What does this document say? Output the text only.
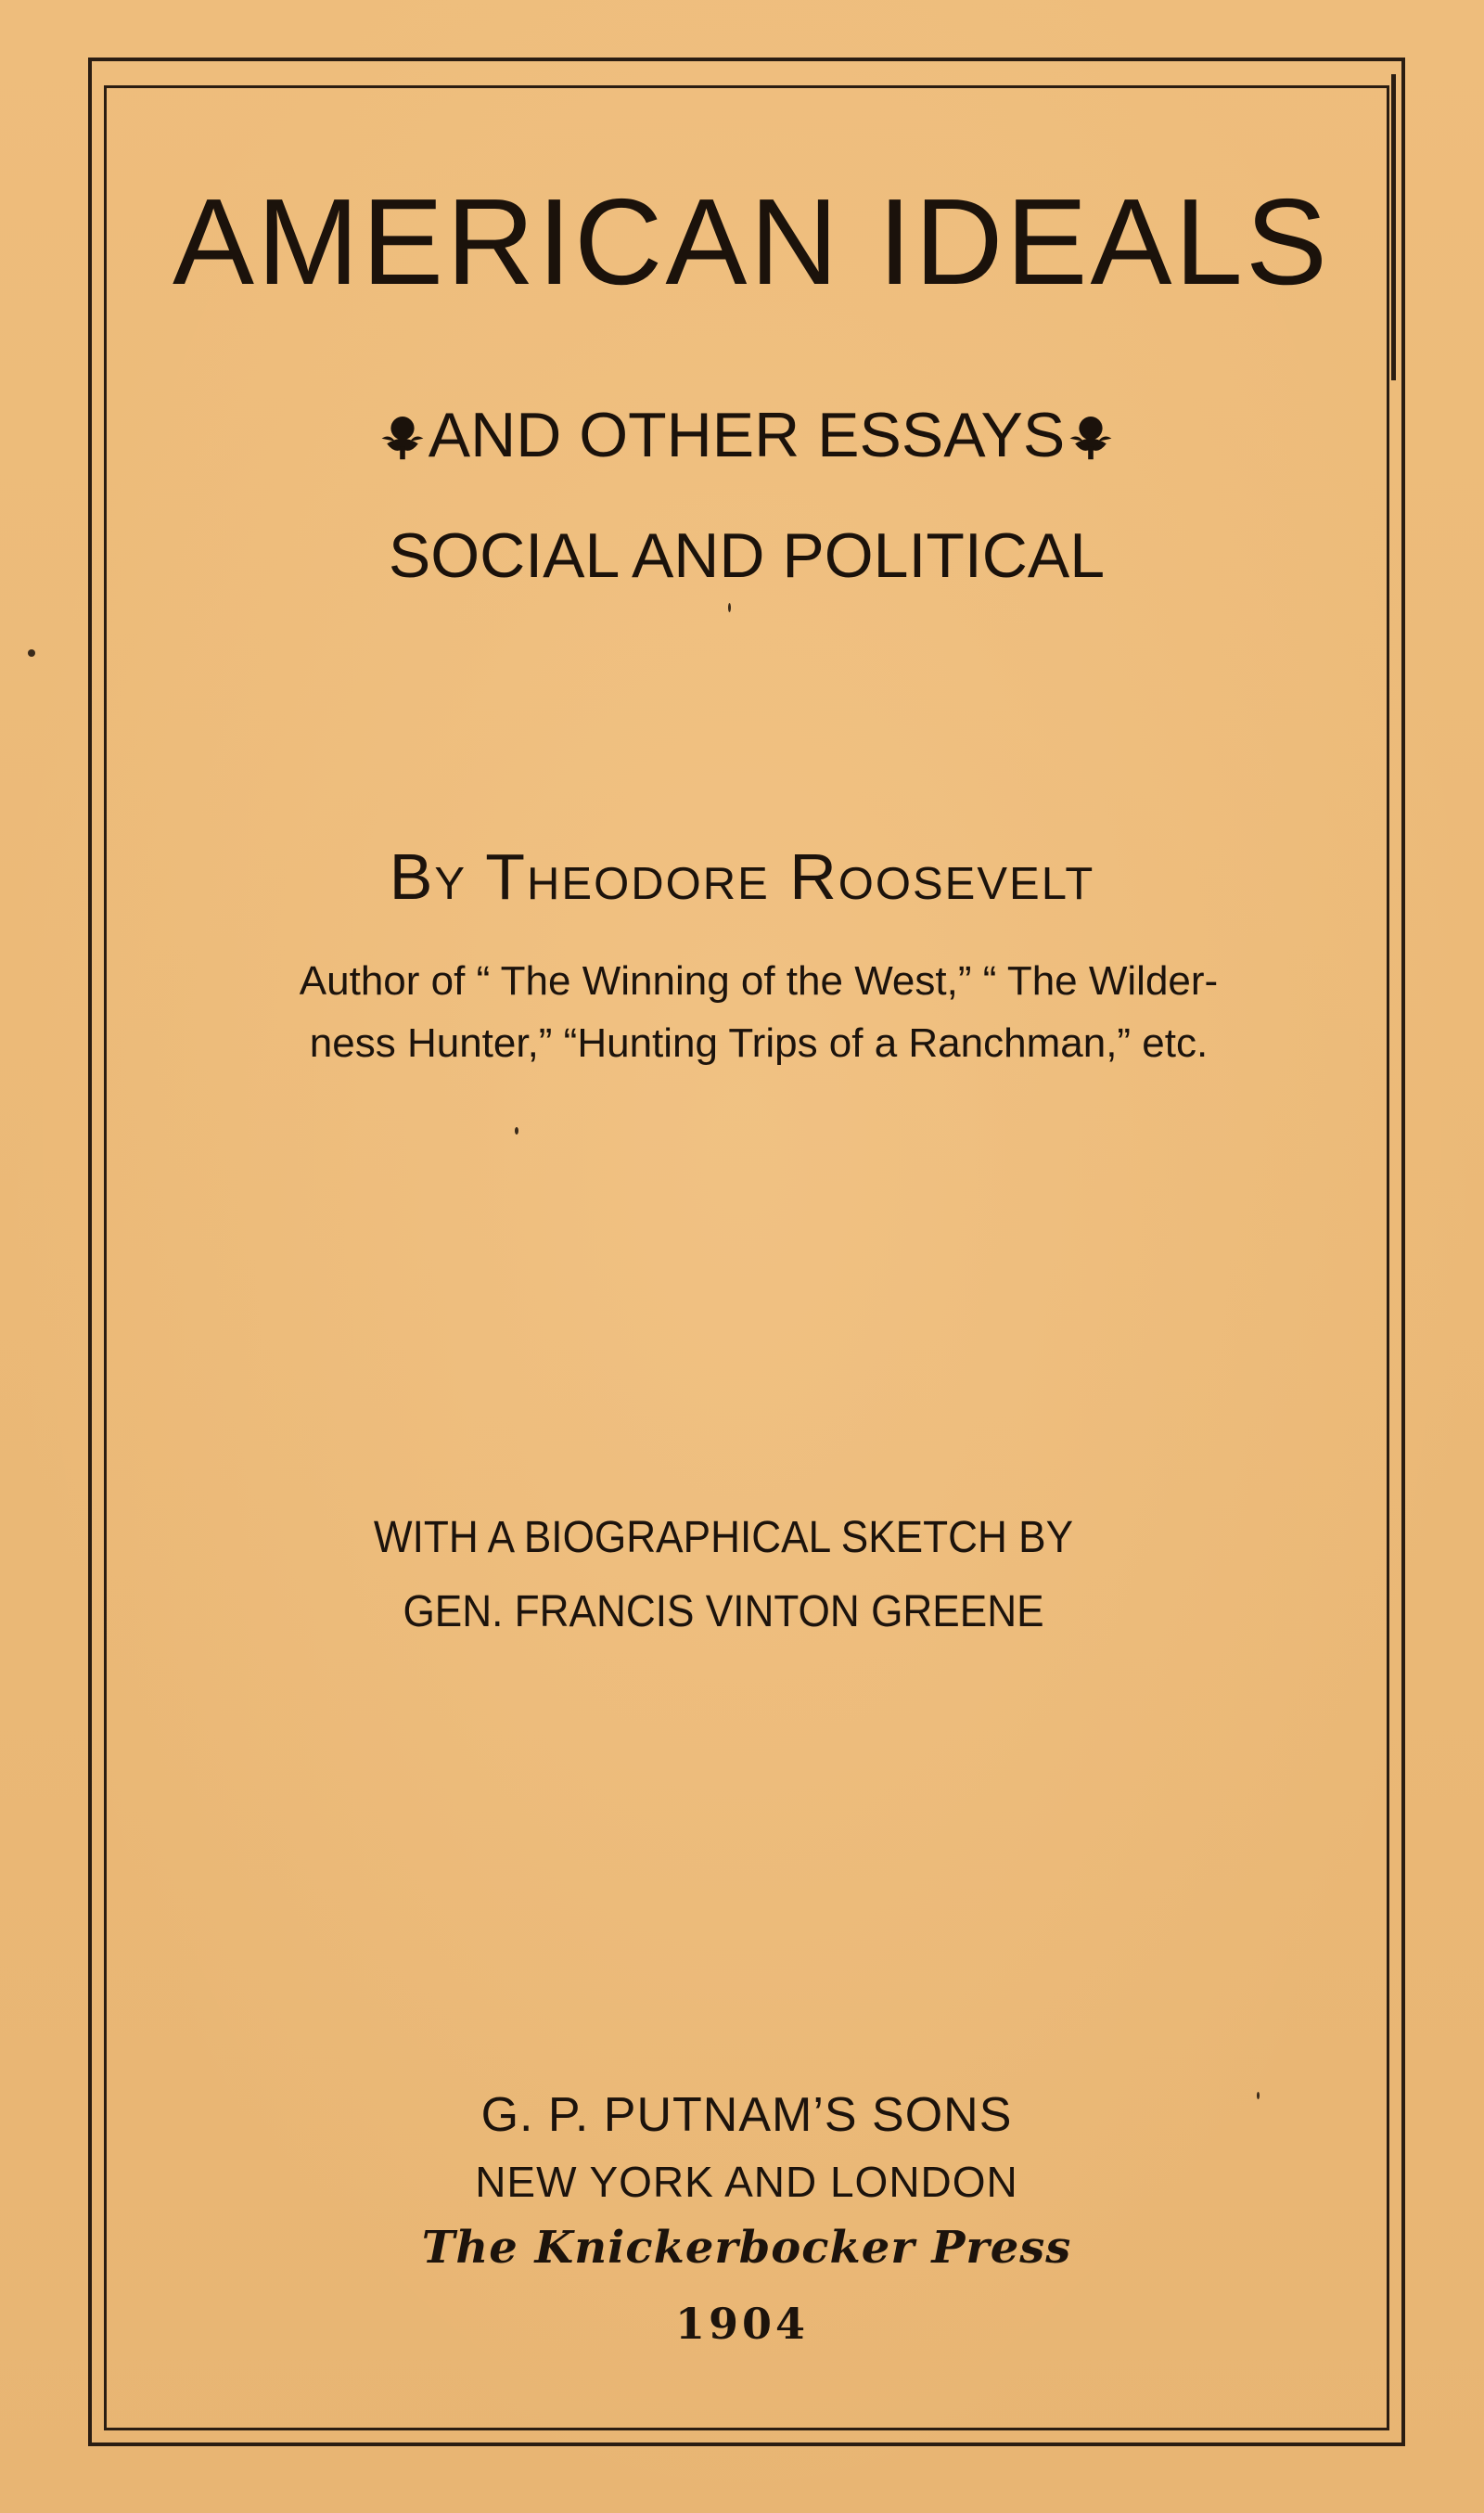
AMERICAN IDEALS
AND OTHER ESSAYS
SOCIAL AND POLITICAL
By Theodore Roosevelt
Author of “ The Winning of the West,” “ The Wilder-
ness Hunter,” “Hunting Trips of a Ranchman,” etc.
WITH A BIOGRAPHICAL SKETCH BY
GEN. FRANCIS VINTON GREENE
G. P. PUTNAM’S SONS
NEW YORK AND LONDON
The Knickerbocker Press
1904
